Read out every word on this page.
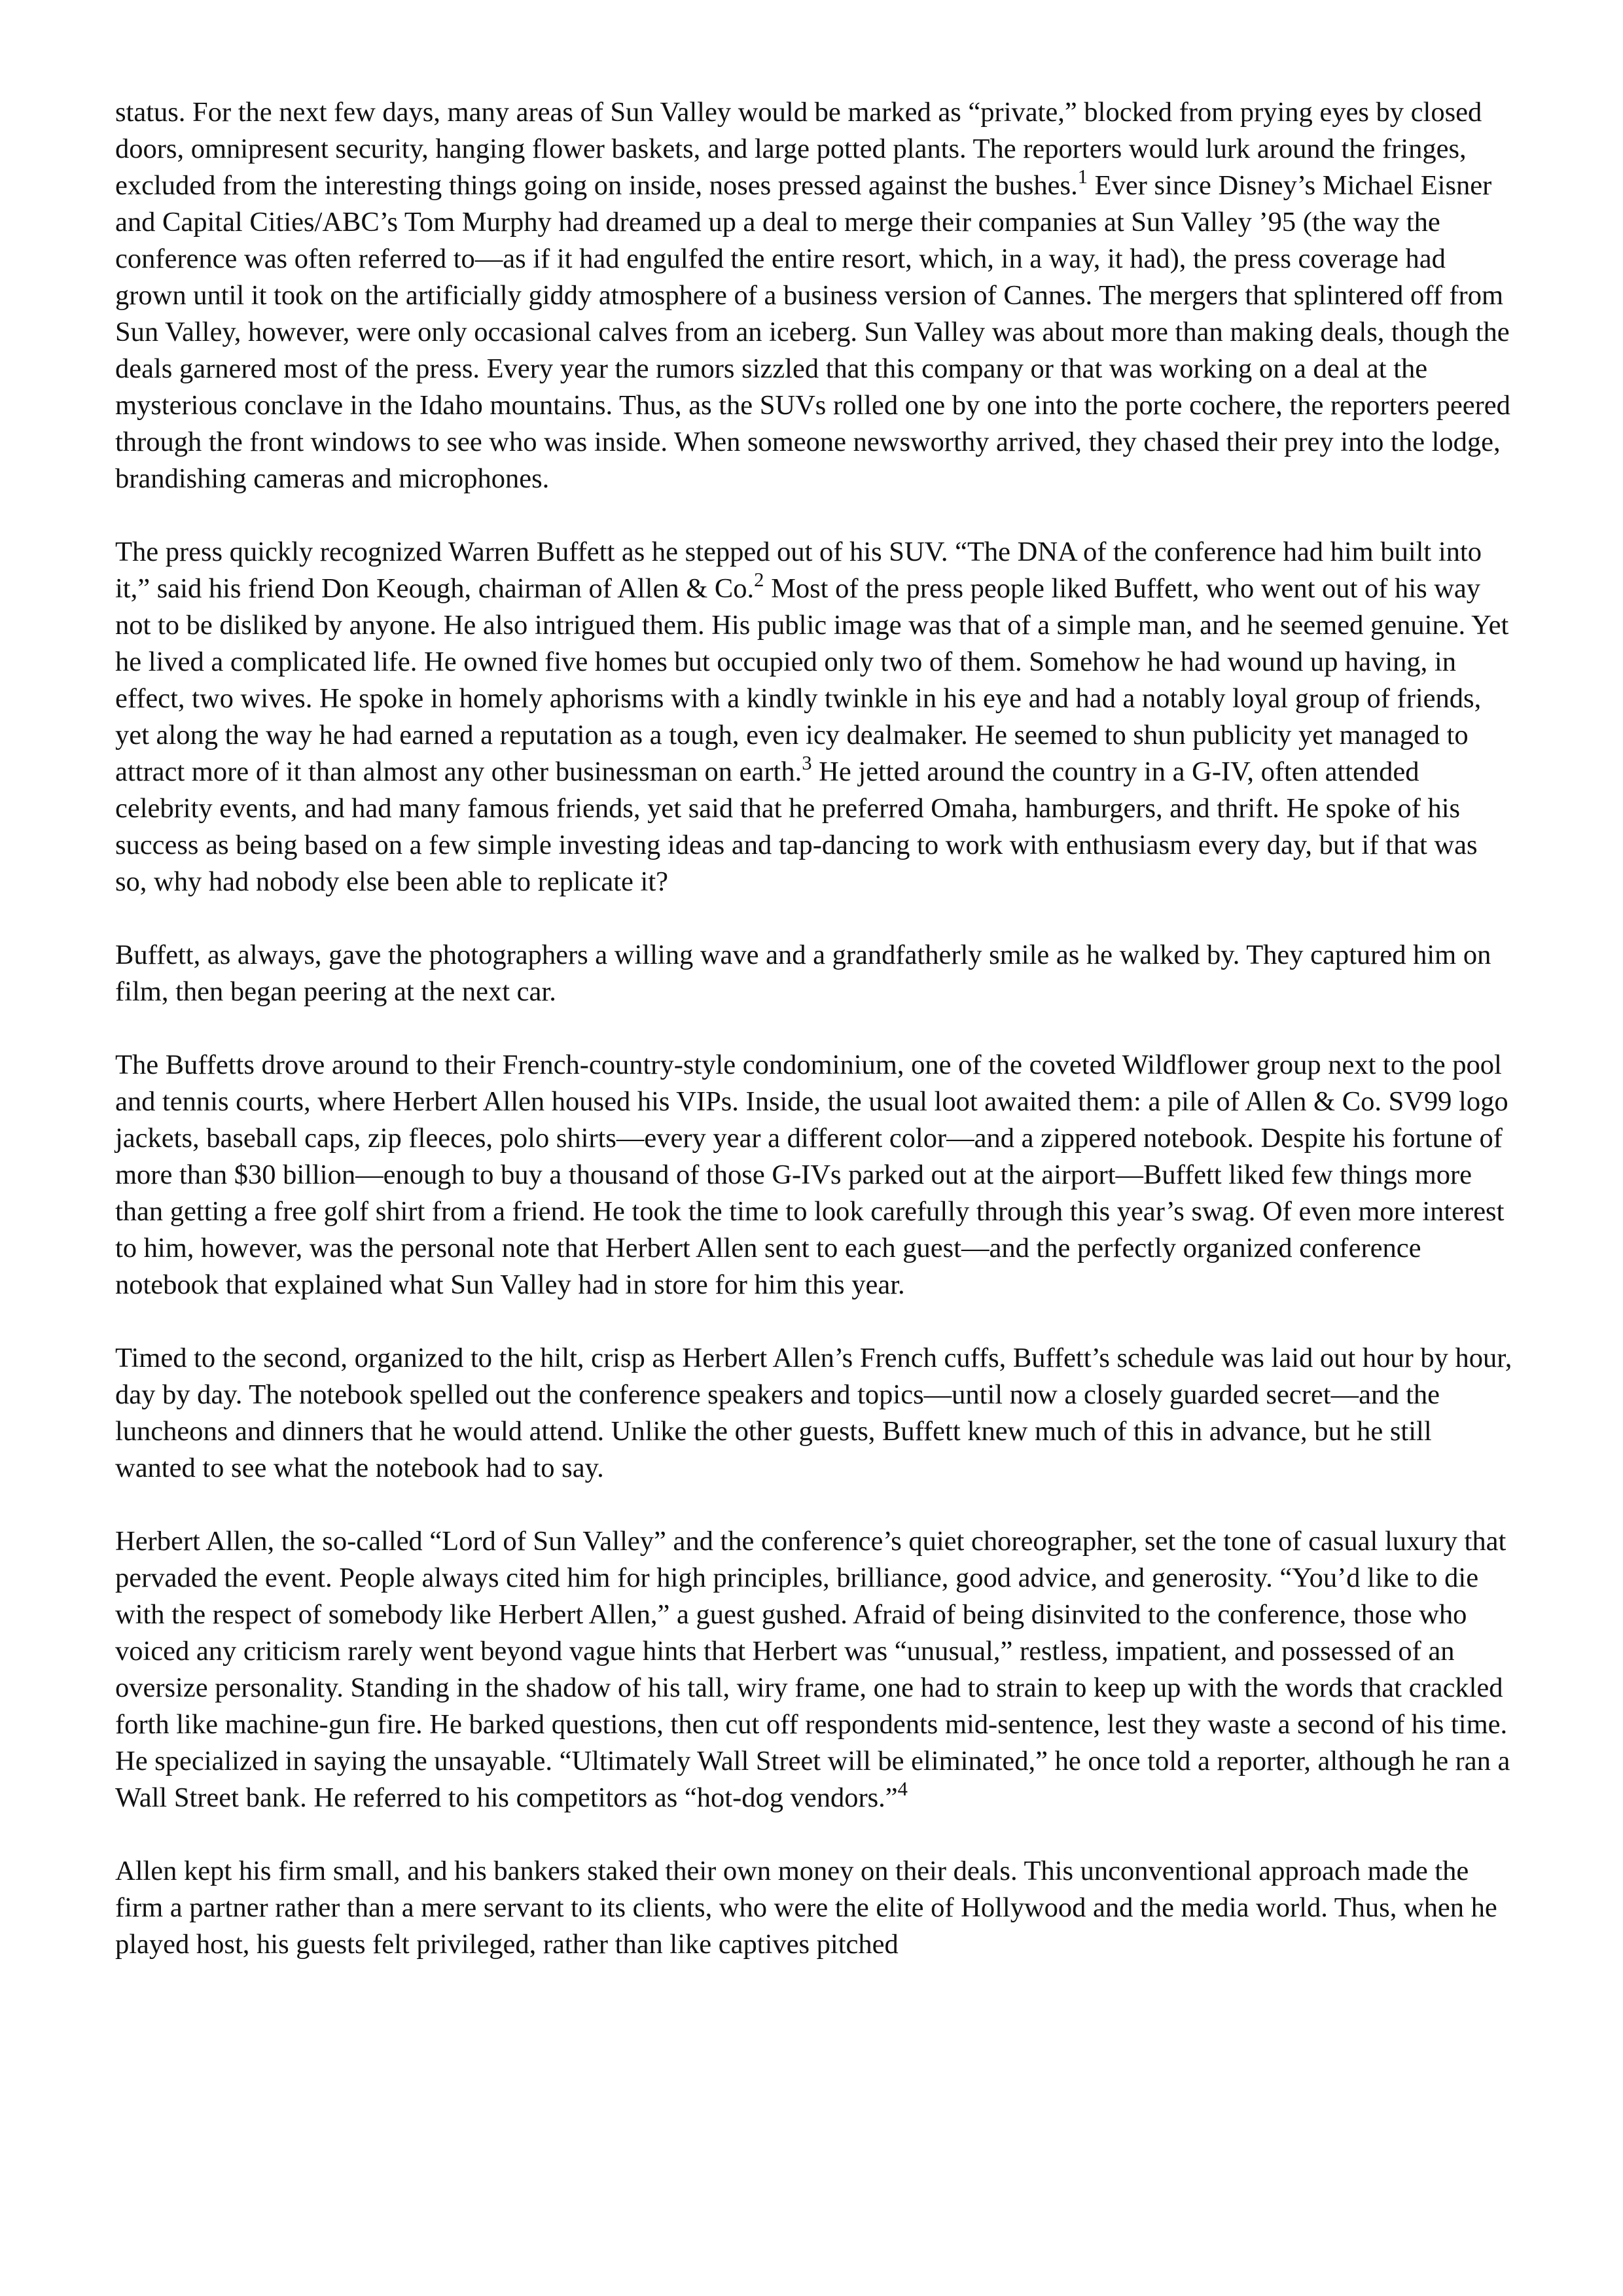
status. For the next few days, many areas of Sun Valley would be marked as “private,” blocked from prying eyes by closed doors, omnipresent security, hanging flower baskets, and large potted plants. The reporters would lurk around the fringes, excluded from the interesting things going on inside, noses pressed against the bushes.$^1$ Ever since Disney’s Michael Eisner and Capital Cities/ABC’s Tom Murphy had dreamed up a deal to merge their companies at Sun Valley ’95 (the way the conference was often referred to—as if it had engulfed the entire resort, which, in a way, it had), the press coverage had grown until it took on the artificially giddy atmosphere of a business version of Cannes. The mergers that splintered off from Sun Valley, however, were only occasional calves from an iceberg. Sun Valley was about more than making deals, though the deals garnered most of the press. Every year the rumors sizzled that this company or that was working on a deal at the mysterious conclave in the Idaho mountains. Thus, as the SUVs rolled one by one into the porte cochere, the reporters peered through the front windows to see who was inside. When someone newsworthy arrived, they chased their prey into the lodge, brandishing cameras and microphones.

The press quickly recognized Warren Buffett as he stepped out of his SUV. “The DNA of the conference had him built into it,” said his friend Don Keough, chairman of Allen & Co.$^2$ Most of the press people liked Buffett, who went out of his way not to be disliked by anyone. He also intrigued them. His public image was that of a simple man, and he seemed genuine. Yet he lived a complicated life. He owned five homes but occupied only two of them. Somehow he had wound up having, in effect, two wives. He spoke in homely aphorisms with a kindly twinkle in his eye and had a notably loyal group of friends, yet along the way he had earned a reputation as a tough, even icy dealmaker. He seemed to shun publicity yet managed to attract more of it than almost any other businessman on earth.$^3$ He jetted around the country in a G-IV, often attended celebrity events, and had many famous friends, yet said that he preferred Omaha, hamburgers, and thrift. He spoke of his success as being based on a few simple investing ideas and tap-dancing to work with enthusiasm every day, but if that was so, why had nobody else been able to replicate it?

Buffett, as always, gave the photographers a willing wave and a grandfatherly smile as he walked by. They captured him on film, then began peering at the next car.

The Buffetts drove around to their French-country-style condominium, one of the coveted Wildflower group next to the pool and tennis courts, where Herbert Allen housed his VIPs. Inside, the usual loot awaited them: a pile of Allen & Co. SV99 logo jackets, baseball caps, zip fleeces, polo shirts—every year a different color—and a zippered notebook. Despite his fortune of more than $30 billion—enough to buy a thousand of those G-IVs parked out at the airport—Buffett liked few things more than getting a free golf shirt from a friend. He took the time to look carefully through this year’s swag. Of even more interest to him, however, was the personal note that Herbert Allen sent to each guest—and the perfectly organized conference notebook that explained what Sun Valley had in store for him this year.

Timed to the second, organized to the hilt, crisp as Herbert Allen’s French cuffs, Buffett’s schedule was laid out hour by hour, day by day. The notebook spelled out the conference speakers and topics—until now a closely guarded secret—and the luncheons and dinners that he would attend. Unlike the other guests, Buffett knew much of this in advance, but he still wanted to see what the notebook had to say.

Herbert Allen, the so-called “Lord of Sun Valley” and the conference’s quiet choreographer, set the tone of casual luxury that pervaded the event. People always cited him for high principles, brilliance, good advice, and generosity. “You’d like to die with the respect of somebody like Herbert Allen,” a guest gushed. Afraid of being disinvited to the conference, those who voiced any criticism rarely went beyond vague hints that Herbert was “unusual,” restless, impatient, and possessed of an oversize personality. Standing in the shadow of his tall, wiry frame, one had to strain to keep up with the words that crackled forth like machine-gun fire. He barked questions, then cut off respondents mid-sentence, lest they waste a second of his time. He specialized in saying the unsayable. “Ultimately Wall Street will be eliminated,” he once told a reporter, although he ran a Wall Street bank. He referred to his competitors as “hot-dog vendors.”$^4$

Allen kept his firm small, and his bankers staked their own money on their deals. This unconventional approach made the firm a partner rather than a mere servant to its clients, who were the elite of Hollywood and the media world. Thus, when he played host, his guests felt privileged, rather than like captives pitched
